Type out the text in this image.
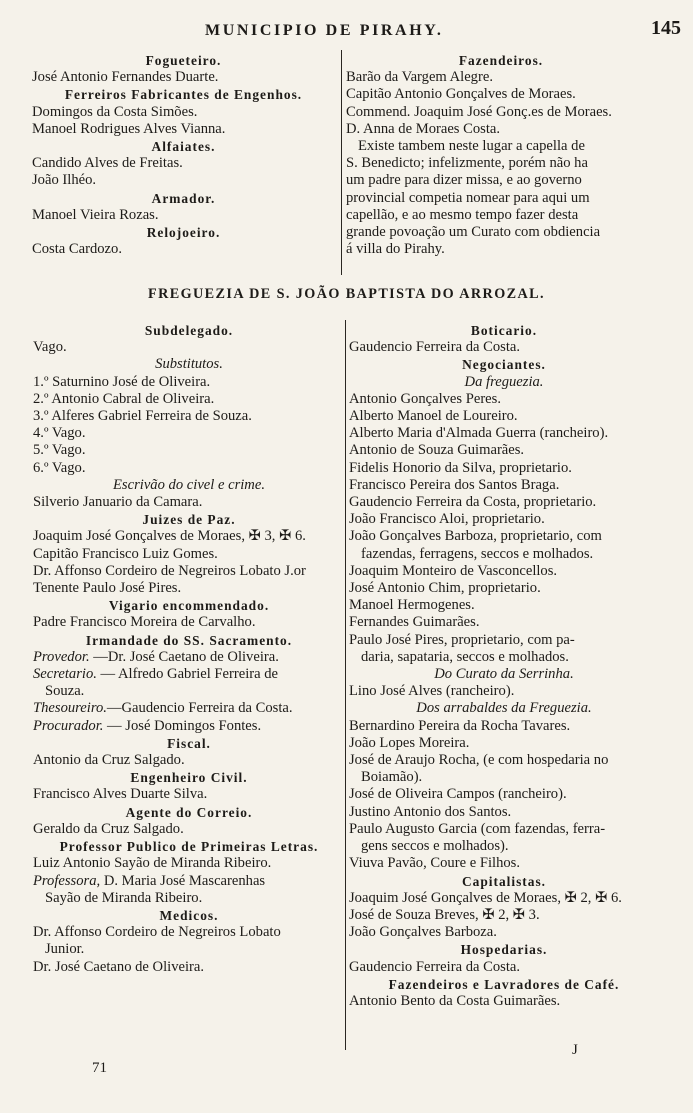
MUNICIPIO DE PIRAHY.	145
Fogueteiro.
José Antonio Fernandes Duarte.
Ferreiros Fabricantes de Engenhos.
Domingos da Costa Simões.
Manoel Rodrigues Alves Vianna.
Alfaiates.
Candido Alves de Freitas.
João Ilhéo.
Armador.
Manoel Vieira Rozas.
Relojoeiro.
Costa Cardozo.
Fazendeiros.
Barão da Vargem Alegre.
Capitão Antonio Gonçalves de Moraes.
Commend. Joaquim José Gonç.es de Moraes.
D. Anna de Moraes Costa.
Existe tambem neste lugar a capella de
S. Benedicto; infelizmente, porém não ha
um padre para dizer missa, e ao governo
provincial competia nomear para aqui um
capellão, e ao mesmo tempo fazer desta
grande povoação um Curato com obdiencia
á villa do Pirahy.
FREGUEZIA DE S. JOÃO BAPTISTA DO ARROZAL.
Subdelegado.
Vago.
Substitutos.
1.º Saturnino José de Oliveira.
2.º Antonio Cabral de Oliveira.
3.º Alferes Gabriel Ferreira de Souza.
4.º Vago.
5.º Vago.
6.º Vago.
Escrivão do civel e crime.
Silverio Januario da Camara.
Juizes de Paz.
Joaquim José Gonçalves de Moraes, ✠ 3, ✠ 6.
Capitão Francisco Luiz Gomes.
Dr. Affonso Cordeiro de Negreiros Lobato J.or
Tenente Paulo José Pires.
Vigario encommendado.
Padre Francisco Moreira de Carvalho.
Irmandade do SS. Sacramento.
Provedor. —Dr. José Caetano de Oliveira.
Secretario. — Alfredo Gabriel Ferreira de
Souza.
Thesoureiro.—Gaudencio Ferreira da Costa.
Procurador. — José Domingos Fontes.
Fiscal.
Antonio da Cruz Salgado.
Engenheiro Civil.
Francisco Alves Duarte Silva.
Agente do Correio.
Geraldo da Cruz Salgado.
Professor Publico de Primeiras Letras.
Luiz Antonio Sayão de Miranda Ribeiro.
Professora, D. Maria José Mascarenhas
Sayão de Miranda Ribeiro.
Medicos.
Dr. Affonso Cordeiro de Negreiros Lobato
Junior.
Dr. José Caetano de Oliveira.
Boticario.
Gaudencio Ferreira da Costa.
Negociantes.
Da freguezia.
Antonio Gonçalves Peres.
Alberto Manoel de Loureiro.
Alberto Maria d'Almada Guerra (rancheiro).
Antonio de Souza Guimarães.
Fidelis Honorio da Silva, proprietario.
Francisco Pereira dos Santos Braga.
Gaudencio Ferreira da Costa, proprietario.
João Francisco Aloi, proprietario.
João Gonçalves Barboza, proprietario, com
fazendas, ferragens, seccos e molhados.
Joaquim Monteiro de Vasconcellos.
José Antonio Chim, proprietario.
Manoel Hermogenes.
Fernandes Guimarães.
Paulo José Pires, proprietario, com pa-
daria, sapataria, seccos e molhados.
Do Curato da Serrinha.
Lino José Alves (rancheiro).
Dos arrabaldes da Freguezia.
Bernardino Pereira da Rocha Tavares.
João Lopes Moreira.
José de Araujo Rocha, (e com hospedaria no
Boiamão).
José de Oliveira Campos (rancheiro).
Justino Antonio dos Santos.
Paulo Augusto Garcia (com fazendas, ferra-
gens seccos e molhados).
Viuva Pavão, Coure e Filhos.
Capitalistas.
Joaquim José Gonçalves de Moraes, ✠ 2, ✠ 6.
José de Souza Breves, ✠ 2, ✠ 3.
João Gonçalves Barboza.
Hospedarias.
Gaudencio Ferreira da Costa.
Fazendeiros e Lavradores de Café.
Antonio Bento da Costa Guimarães.
71
J
